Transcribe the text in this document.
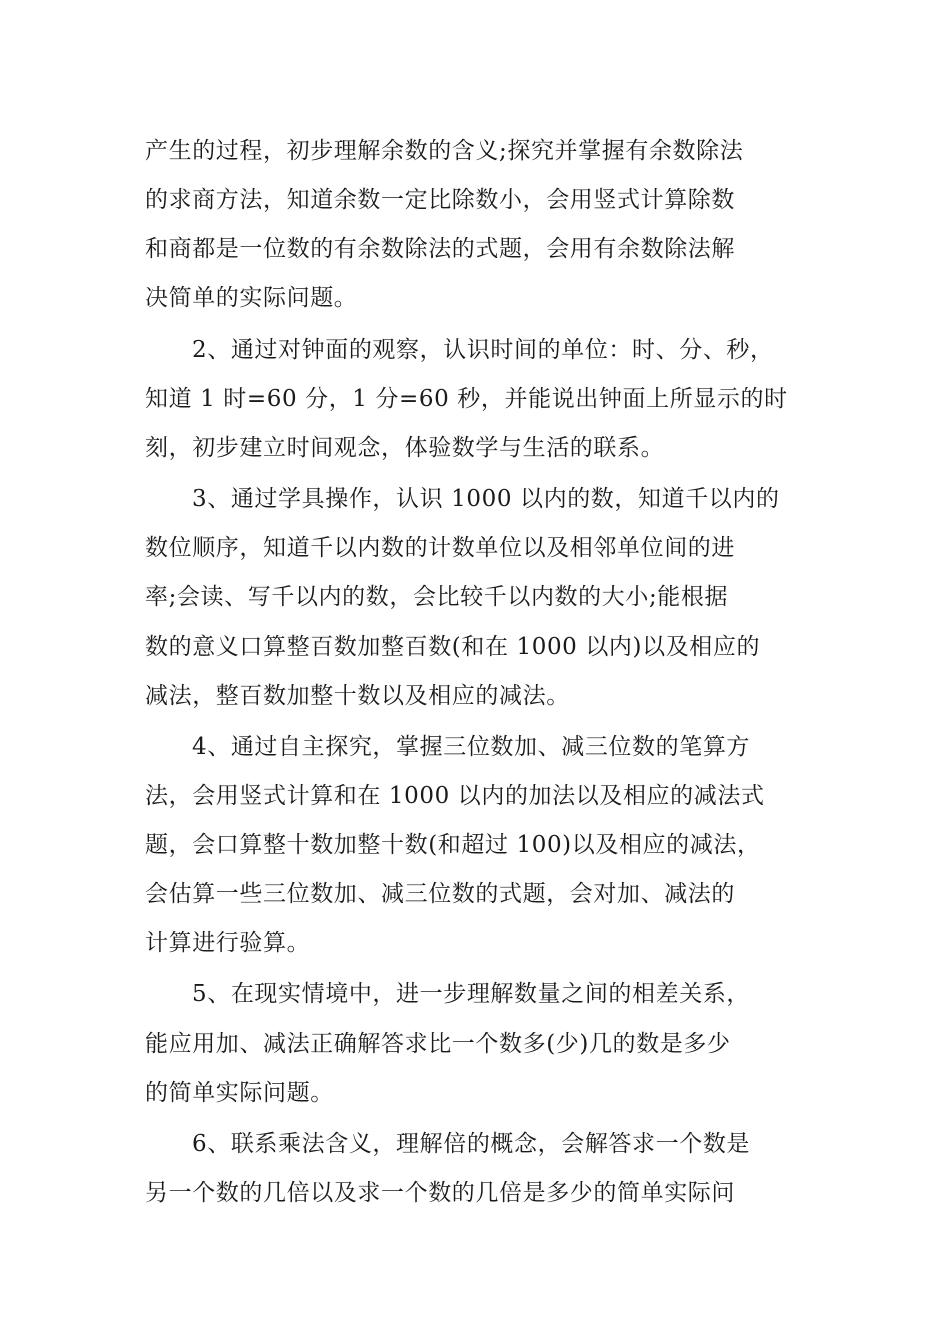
产生的过程，初步理解余数的含义;探究并掌握有余数除法
的求商方法，知道余数一定比除数小，会用竖式计算除数
和商都是一位数的有余数除法的式题，会用有余数除法解
决简单的实际问题。
2、通过对钟面的观察，认识时间的单位：时、分、秒，
知道 1 时=60 分，1 分=60 秒，并能说出钟面上所显示的时
刻，初步建立时间观念，体验数学与生活的联系。
3、通过学具操作，认识 1000 以内的数，知道千以内的
数位顺序，知道千以内数的计数单位以及相邻单位间的进
率;会读、写千以内的数，会比较千以内数的大小;能根据
数的意义口算整百数加整百数(和在 1000 以内)以及相应的
减法，整百数加整十数以及相应的减法。
4、通过自主探究，掌握三位数加、减三位数的笔算方
法，会用竖式计算和在 1000 以内的加法以及相应的减法式
题，会口算整十数加整十数(和超过 100)以及相应的减法，
会估算一些三位数加、减三位数的式题，会对加、减法的
计算进行验算。
5、在现实情境中，进一步理解数量之间的相差关系，
能应用加、减法正确解答求比一个数多(少)几的数是多少
的简单实际问题。
6、联系乘法含义，理解倍的概念，会解答求一个数是
另一个数的几倍以及求一个数的几倍是多少的简单实际问
